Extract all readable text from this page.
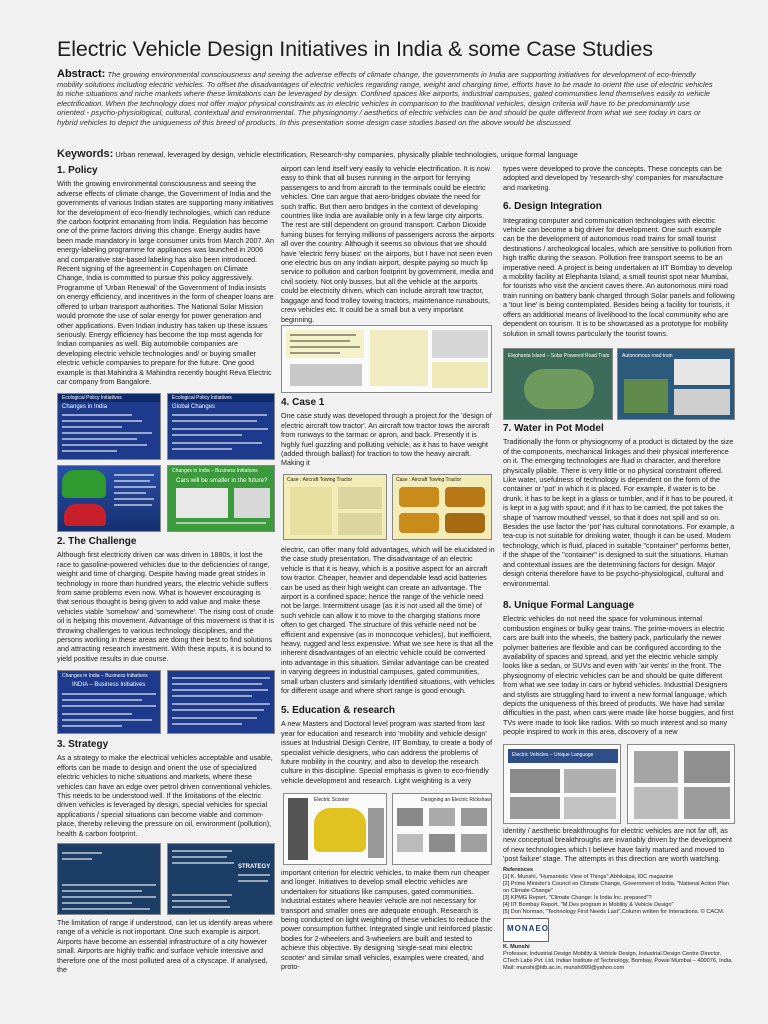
Electric Vehicle Design Initiatives in India & some Case Studies
Abstract: The growing environmental consciousness and seeing the adverse effects of climate change, the governments in India are supporting initiatives for development of eco-friendly mobility solutions including electric vehicles. To offset the disadvantages of electric vehicles regarding range, weight and charging time, efforts have to be made to orient the use of electric vehicles to niche situations and niche markets where these limitations can be leveraged by design. Confined spaces like airports, industrial campuses, gated communities lend themselves easily to vehicle electrification. When the technology does not offer major physical constraints as in electric vehicles in comparison to the traditional vehicles, design criteria will have to be predominantly use oriented - psycho-physiological, cultural, contextual and environmental. The physiognomy / aesthetics of electric vehicles can be and should be quite different from what we see today in cars or hybrid vehicles to depict the uniqueness of this breed of products. In this presentation some design case studies based on the above would be discussed.
Keywords: Urban renewal, leveraged by design, vehicle electrification, Research-shy companies, physically pliable technologies, unique formal language
1. Policy

With the growing environmental consciousness and seeing the adverse effects of climate change, the Government of India and the governments of various Indian states are supporting many initiatives for the development of eco-friendly technologies, which can reduce the carbon footprint emanating from India. Regulation has become one of the prime factors driving this change. Energy audits have been made mandatory in large consumer units from March 2007. An energy-labeling programme for appliances was launched in 2006 and comparative star-based labeling has also been introduced. Recent signing of the agreement in Copenhagen on Climate Change, India is committed to pursue this policy aggressively. Programme of 'Urban Renewal' of the Government of India insists on energy efficiency, and incentives in the form of cheaper loans are offered to urban transport authorities. The National Solar Mission would promote the use of solar energy for power generation and other applications. Even Indian industry has taken up these issues seriously. Energy efficiency has become the top most agenda for Indian companies as well. Big automobile companies are developing electric vehicle technologies and/ or buying smaller electric vehicle companies to prepare for the future. One good example is that Mahindra & Mahindra recently bought Reva Electric car company from Bangalore.

Ecological Policy Initiatives
Changes in India
Ecological Policy Initiatives
Global Changes
Changes in India – Business Initiatives
Cars will be smaller in the future?
2. The Challenge

Although first electricity driven car was driven in 1880s, it lost the race to gasoline-powered vehicles due to the deficiencies of range, weight and time of charging. Despite having made great strides in technology in more than hundred years, the electric vehicle suffers from same problems even now. What is however encouraging is that serious thought is being given to add value and make these vehicles viable 'somehow' and 'somewhere'. The rising cost of crude oil is helping this movement. Advantage of this movement is that it is throwing challenges to various technology disciplines, and the persons working in these areas are doing their best to find solutions and attracting research investment. With these inputs, it is bound to yield positive results in due course.

Changes in India – Business Initiatives
INDIA – Business Initiatives
3. Strategy

As a strategy to make the electrical vehicles acceptable and usable, efforts can be made to design and orient the use of specialized electric vehicles to niche situations and markets, where these vehicles can have an edge over petrol driven conventional vehicles. This needs to be understood well. If the limitations of the electric driven vehicles is leveraged by design, special vehicles for special applications / special situations can become viable and common-place, thereby relieving the pressure on oil, environment (pollution), health & carbon footprint.

STRATEGY

The limitation of range if understood, can let us identify areas where range of a vehicle is not important. One such example is airport. Airports have become an essential infrastructure of a city however small. Airports are highly traffic and surface vehicle intensive and therefore one of the most polluted area of a cityscape. If analysed, the

airport can lend itself very easily to vehicle electrification. It is now easy to think that all buses running in the airport for ferrying passengers to and from aircraft to the terminals could be electric vehicles. One can argue that aero-bridges obviate the need for such traffic. But then aero bridges in the context of developing countries like India are available only in a few large city airports. The rest are still dependent on ground transport. Carbon Dioxide fuming buses for ferrying millions of passengers across the airports all over the country. Although it seems so obvious that we should have 'electric ferry buses' on the airports, but I have not seen even one electric bus on any Indian airport, despite paying so much lip service to pollution and carbon footprint by government, media and civil society. Not only busses, but all the vehicle at the airports could be electricity driven, which can include aircraft tow tractor, baggage and food trolley towing tractors, maintenance runabouts, crew vehicles etc. It could be a small but a very important beginning.

4. Case 1

One case study was developed through a project for the 'design of electric aircraft tow tractor'. An aircraft tow tractor tows the aircraft from runways to the tarmac or apron, and back. Presently it is highly fuel guzzling and polluting vehicle, as it has to have weight (added through ballast) for traction to tow the heavy aircraft. Making it

Case : Aircraft Towing Tractor	Case : Aircraft Towing Tractor

electric, can offer many fold advantages, which will be elucidated in the case study presentation. The disadvantage of an electric vehicle is that it is heavy, which is a positive aspect for an aircraft tow tractor. Cheaper, heavier and dependable lead acid batteries can be used as their high weight can create an advantage. The airport is a confined space; hence the range of the vehicle need not be large. Intermittent usage (as it is not used all the time) of such vehicle can allow it to move to the charging stations more often to get charged. The structure of this vehicle need not be efficient and expensive (as in monocoque vehicles), but inefficient, heavy, rugged and less expensive. What we see here is that all the inherent disadvantages of an electric vehicle could be converted into advantage in this situation. Similar advantage can be created in varying degrees in industrial campuses, gated communities, small urban clusters and similarly identified situations, with vehicles for different usage and where short range is good enough.

5. Education & research

A new Masters and Doctoral level program was started from last year for education and research into 'mobility and vehicle design' issues at Industrial Design Centre, IIT Bombay, to create a body of specialist vehicle designers, who can address the problems of future mobility in the country, and also to develop the research culture in this discipline. Special emphasis is given to eco-friendly vehicle development and research. Light weighting is a very

Electric Scooter	Designing an Electric Rickshaw

important criterion for electric vehicles, to make them run cheaper and longer. Initiatives to develop small electric vehicles are undertaken for situations like campuses, gated communities. Industrial estates where heavier vehicle are not necessary for transport and smaller ones are adequate enough. Research is being conducted on light weighting of these vehicles to reduce the power consumption further. Integrated single unit reinforced plastic bodies for 2-wheelers and 3-wheelers are built and tested to achieve this objective. By designing 'single-seat mini electric scooter' and similar small vehicles, examples were created, and proto-

types were developed to prove the concepts. These concepts can be adopted and developed by 'research-shy' companies for manufacture and marketing.

6. Design Integration

Integrating computer and communication technologies with electric vehicle can become a big driver for development. One such example can be the development of autonomous road trains for small tourist destinations / archeological locales, which are sensitive to pollution from high traffic during the season. Pollution free transport seems to be an imperative need. A project is being undertaken at IIT Bombay to develop a mobility facility at Elephanta Island, a small tourist spot near Mumbai, for tourists who visit the ancient caves there. An autonomous mini road train running on battery bank charged through Solar panels and following a 'tour line' is being contemplated. Besides being a facility for tourists, it offers an additional means of livelihood to the local community who are dependent on tourism. It is to be showcased as a prototype for mobility solution in small towns particularly the tourist towns.

Elephanta Island – Solar Powered Road Train	Autonomous road train
7. Water in Pot Model

Traditionally the form or physiognomy of a product is dictated by the size of the components, mechanical linkages and their physical interference on it. The emerging technologies are fluid in character, and therefore physically pliable. There is very little or no physical constraint offered. Like water, usefulness of technology is dependent on the form of the container or 'pot' in which it is placed. For example, if water is to be drunk, it has to be kept in a glass or tumbler, and if it has to be poured, it is kept in a jug with spout; and if it has to be carried, the pot takes the shape of 'narrow mouthed' vessel, so that it does not spill and so on. Besides the use factor the 'pot' has cultural connotations. For example, a tea-cup is not suitable for drinking water, though it can be used. Modern technology, which is fluid, placed in suitable "container" performs better, if the shape of the "container" is designed to suit the situations. Human and contextual issues are the determining factors for design. Major design criteria therefore have to be psycho-physiological, cultural and environmental.

8. Unique Formal Language

Electric vehicles do not need the space for voluminous internal combustion engines or bulky gear trains. The prime-movers in electric cars are built into the wheels, the battery pack, particularly the newer polymer batteries are flexible and can be configured according to the availability of spaces and spread, and yet the electric vehicle simply looks like a sedan, or SUVs and even with 'air vents' in the front. The physiognomy of electric vehicles can be and should be quite different from what we see today in cars or hybrid vehicles. Industrial Designers and stylists are struggling hard to invent a new formal language, which depicts the uniqueness of this breed of products. We have had similar difficulties in the past, when cars were made like horse buggies, and first TVs were made to look like radios. With so much interest and so many people inspired to work in this area, discovery of a new

Electric Vehicles – Unique Language

identity / aesthetic breakthroughs for electric vehicles are not far off, as new conceptual breakthroughs are invariably driven by the development of new technologies which I believe have fairly matured and moved to 'post failure' stage. The attempts in this direction are worth watching.

References
[1] K. Munshi, "Humanistic View of Things",Abhikalpa, IDC magazine
[2] Prime Minister's Council on Climate Change, Government of India, "National Action Plan on Climate Change"
[3] KPMG Report, "Climate Change: Is India Inc. prepared"?
[4] IIT Bombay Report, "M.Des program in Mobility & Vehicle Design"
[5] Don Norman, "Technology First Needs Last",Column written for Interactions. © CACM.
MONAEO
K. Munshi
Professor, Industrial Design Mobility & Vehicle Design, Industrial Design Centre Director, CTech Labs Pvt. Ltd. Indian Institute of Technology, Bombay, Powai Mumbai – 400076, India.
Mail: munshi@iitb.ac.in, munshi999@yahoo.com
